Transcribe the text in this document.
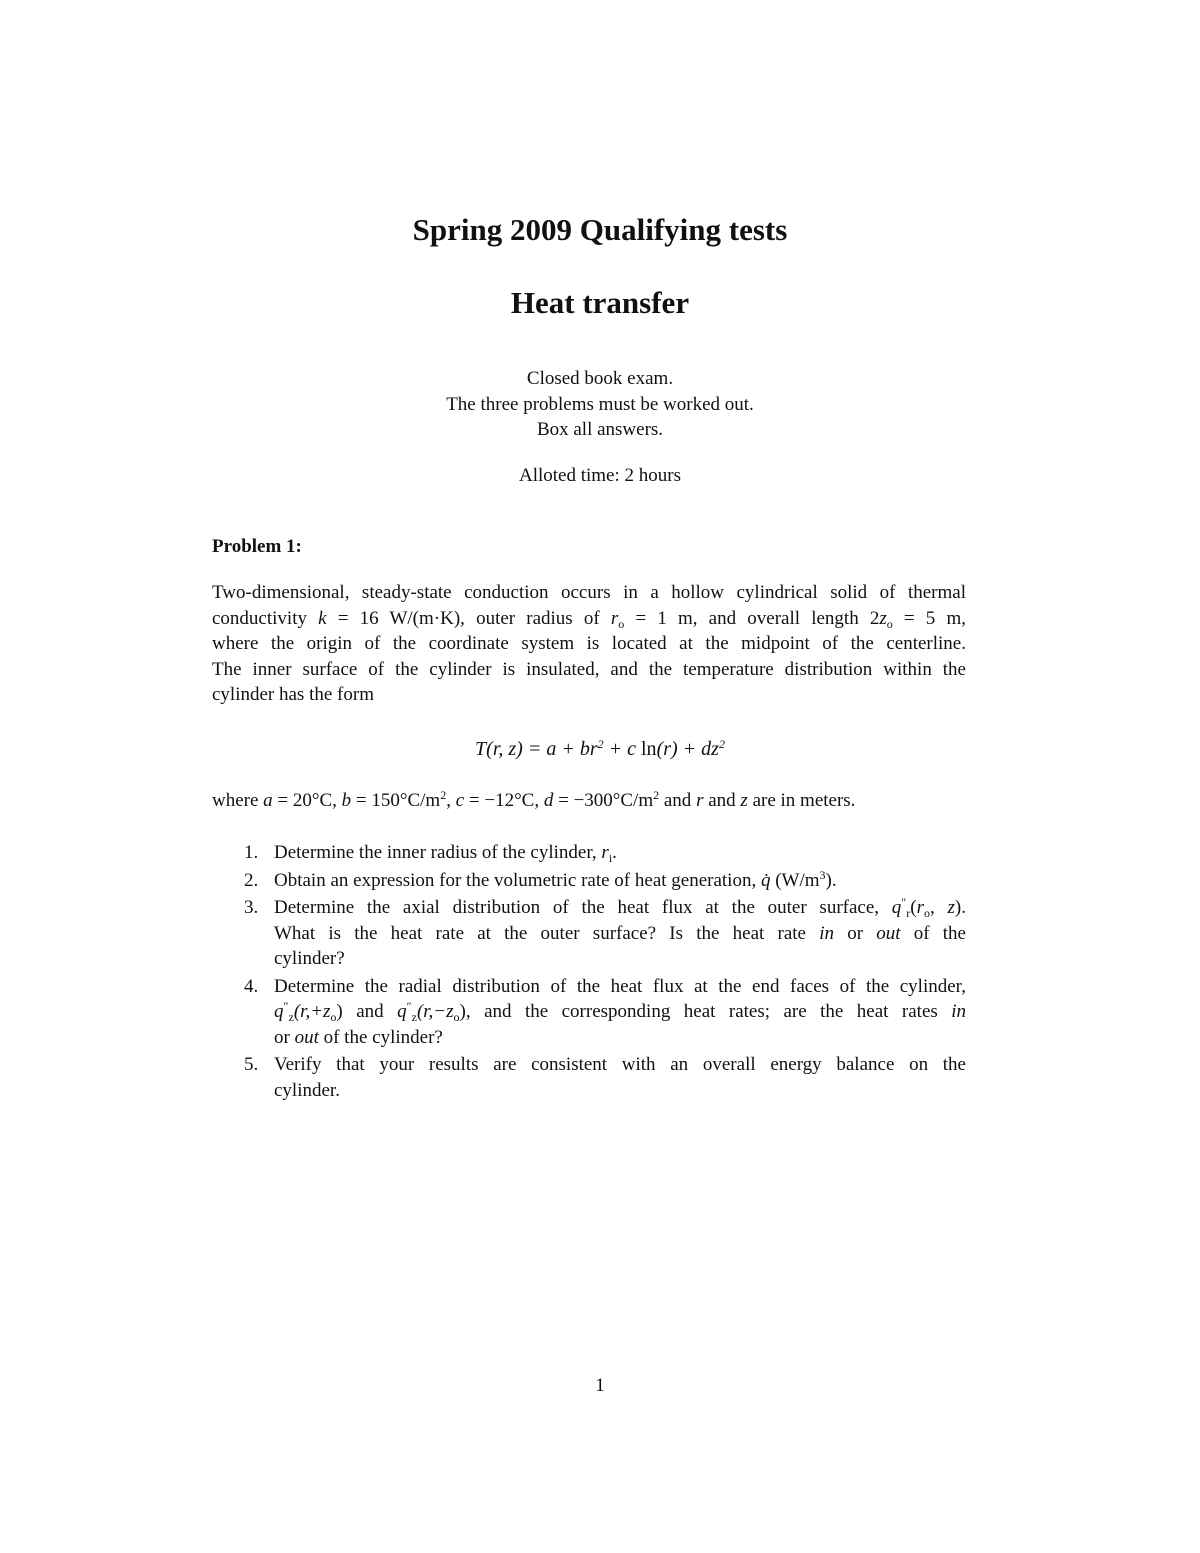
Spring 2009 Qualifying tests
Heat transfer
Closed book exam.
The three problems must be worked out.
Box all answers.
Alloted time: 2 hours
Problem 1:
Two-dimensional, steady-state conduction occurs in a hollow cylindrical solid of thermal
conductivity k = 16 W/(m·K), outer radius of $r_o = 1$ m, and overall length $2z_o = 5$ m,
where the origin of the coordinate system is located at the midpoint of the centerline.
The inner surface of the cylinder is insulated, and the temperature distribution within the
cylinder has the form
T(r, $z) = a + br^2 + c$ $\ln(r) + dz^2$
where a = 20°C, $b = 150^\circ C/m^2$, c = −12°C, $d = -300^\circ C/m^2$ and r and z are in meters.
1. Determine the inner radius of the cylinder, $r_i$.
2. Obtain an expression for the volumetric rate of heat generation, q̇ $(W/m^3)$.
3. Determine the axial distribution of the heat flux at the outer surface, $q''_r(r_o$, z).
What is the heat rate at the outer surface? Is the heat rate in or out of the
cylinder?
4. Determine the radial distribution of the heat flux at the end faces of the cylinder,
$q''_z(r,+z_o)$ and $q''_z(r,-z_o)$, and the corresponding heat rates; are the heat rates in
or out of the cylinder?
5. Verify that your results are consistent with an overall energy balance on the
cylinder.
1
